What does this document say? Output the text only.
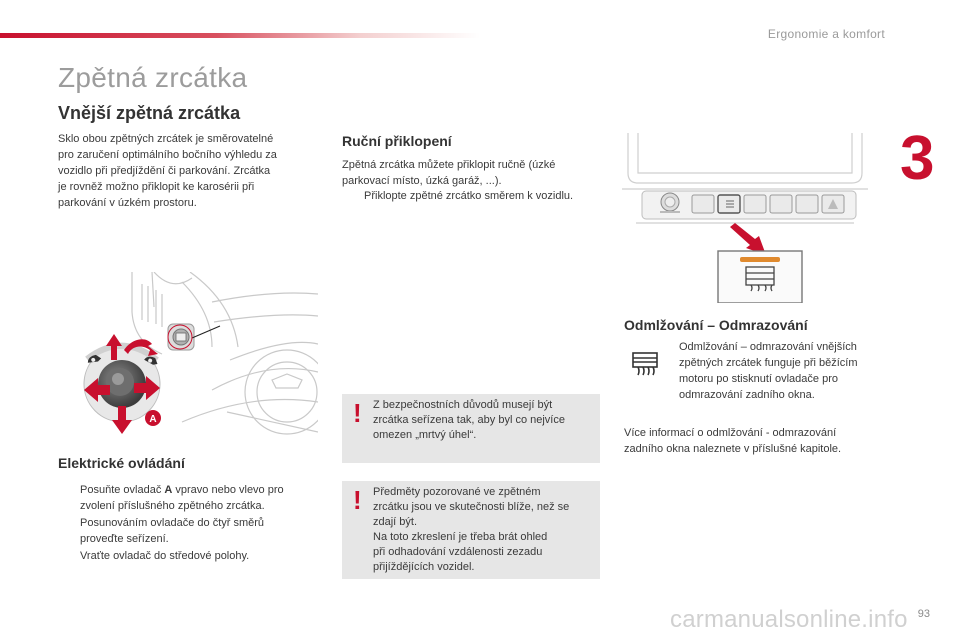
Ergonomie a komfort
3
Zpětná zrcátka
Vnější zpětná zrcátka
Sklo obou zpětných zrcátek je směrovatelné
pro zaručení optimálního bočního výhledu za
vozidlo při předjíždění či parkování. Zrcátka
je rovněž možno přiklopit ke karosérii při
parkování v úzkém prostoru.
A
Elektrické ovládání
Posuňte ovladač A vpravo nebo vlevo pro
zvolení příslušného zpětného zrcátka.
Posunováním ovladače do čtyř směrů
proveďte seřízení.
Vraťte ovladač do středové polohy.
Ruční přiklopení
Zpětná zrcátka můžete přiklopit ručně (úzké
parkovací místo, úzká garáž, ...).
Přiklopte zpětné zrcátko směrem k vozidlu.
! Z bezpečnostních důvodů musejí být
zrcátka seřízena tak, aby byl co nejvíce
omezen „mrtvý úhel“.
! Předměty pozorované ve zpětném
zrcátku jsou ve skutečnosti blíže, než se
zdají být.
Na toto zkreslení je třeba brát ohled
při odhadování vzdálenosti zezadu
přijíždějících vozidel.
Odmlžování – Odmrazování
Odmlžování – odmrazování vnějších
zpětných zrcátek funguje při běžícím
motoru po stisknutí ovladače pro
odmrazování zadního okna.
Více informací o odmlžování - odmrazování
zadního okna naleznete v příslušné kapitole.
carmanualsonline.info 93
